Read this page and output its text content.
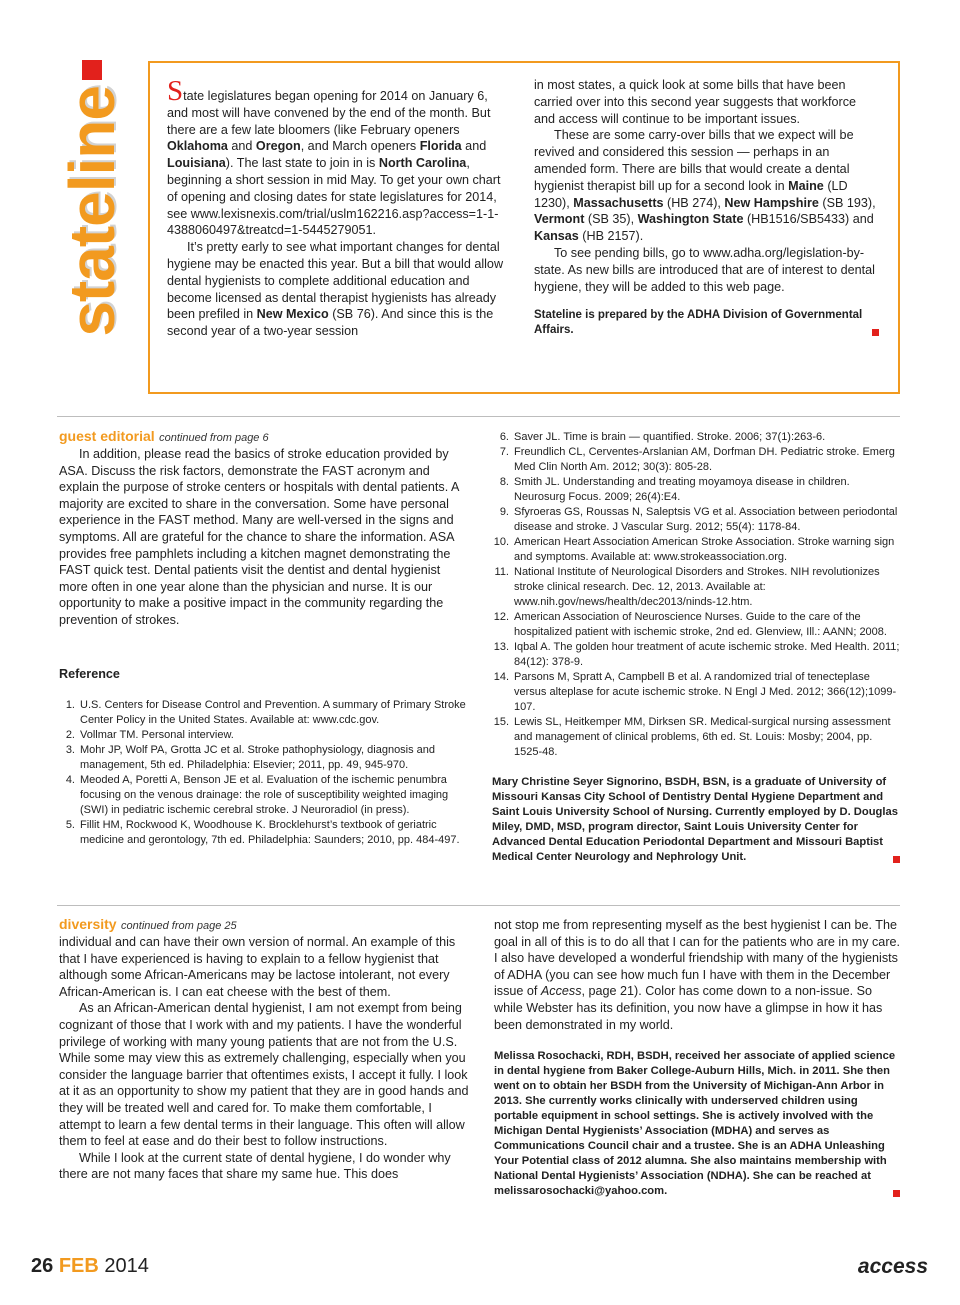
stateline State legislatures began opening for 2014 on January 6, and most will have convened by the end of the month. But there are a few late bloomers (like February openers Oklahoma and Oregon, and March openers Florida and Louisiana). The last state to join in is North Carolina, beginning a short session in mid May. To get your own chart of opening and closing dates for state legislatures for 2014, see www.lexisnexis.com/trial/uslm162216.asp?access=1-1-4388060497&treatcd=1-5445279051.

It’s pretty early to see what important changes for dental hygiene may be enacted this year. But a bill that would allow dental hygienists to complete additional education and become licensed as dental therapist hygienists has already been prefiled in New Mexico (SB 76). And since this is the second year of a two-year session

in most states, a quick look at some bills that have been carried over into this second year suggests that workforce and access will continue to be important issues.

These are some carry-over bills that we expect will be revived and considered this session — perhaps in an amended form. There are bills that would create a dental hygienist therapist bill up for a second look in Maine (LD 1230), Massachusetts (HB 274), New Hampshire (SB 193), Vermont (SB 35), Washington State (HB1516/SB5433) and Kansas (HB 2157).

To see pending bills, go to www.adha.org/legislation-by-state. As new bills are introduced that are of interest to dental hygiene, they will be added to this web page.

Stateline is prepared by the ADHA Division of Governmental Affairs.

guest editorial continued from page 6

In addition, please read the basics of stroke education provided by ASA. Discuss the risk factors, demonstrate the FAST acronym and explain the purpose of stroke centers or hospitals with dental patients. A majority are excited to share in the conversation. Some have personal experience in the FAST method. Many are well-versed in the signs and symptoms. All are grateful for the chance to share the information. ASA provides free pamphlets including a kitchen magnet demonstrating the FAST quick test. Dental patients visit the dentist and dental hygienist more often in one year alone than the physician and nurse. It is our opportunity to make a positive impact in the community regarding the prevention of strokes.

Reference
1. U.S. Centers for Disease Control and Prevention. A summary of Primary Stroke Center Policy in the United States. Available at: www.cdc.gov.
2. Vollmar TM. Personal interview.
3. Mohr JP, Wolf PA, Grotta JC et al. Stroke pathophysiology, diagnosis and management, 5th ed. Philadelphia: Elsevier; 2011, pp. 49, 945-970.
4. Meoded A, Poretti A, Benson JE et al. Evaluation of the ischemic penumbra focusing on the venous drainage: the role of susceptibility weighted imaging (SWI) in pediatric ischemic cerebral stroke. J Neuroradiol (in press).
5. Fillit HM, Rockwood K, Woodhouse K. Brocklehurst’s textbook of geriatric medicine and gerontology, 7th ed. Philadelphia: Saunders; 2010, pp. 484-497.
6. Saver JL. Time is brain — quantified. Stroke. 2006; 37(1):263-6.
7. Freundlich CL, Cerventes-Arslanian AM, Dorfman DH. Pediatric stroke. Emerg Med Clin North Am. 2012; 30(3): 805-28.
8. Smith JL. Understanding and treating moyamoya disease in children. Neurosurg Focus. 2009; 26(4):E4.
9. Sfyroeras GS, Roussas N, Saleptsis VG et al. Association between periodontal disease and stroke. J Vascular Surg. 2012; 55(4): 1178-84.
10. American Heart Association American Stroke Association. Stroke warning sign and symptoms. Available at: www.strokeassociation.org.
11. National Institute of Neurological Disorders and Strokes. NIH revolutionizes stroke clinical research. Dec. 12, 2013. Available at: www.nih.gov/news/health/dec2013/ninds-12.htm.
12. American Association of Neuroscience Nurses. Guide to the care of the hospitalized patient with ischemic stroke, 2nd ed. Glenview, Ill.: AANN; 2008.
13. Iqbal A. The golden hour treatment of acute ischemic stroke. Med Health. 2011; 84(12): 378-9.
14. Parsons M, Spratt A, Campbell B et al. A randomized trial of tenecteplase versus alteplase for acute ischemic stroke. N Engl J Med. 2012; 366(12);1099-107.
15. Lewis SL, Heitkemper MM, Dirksen SR. Medical-surgical nursing assessment and management of clinical problems, 6th ed. St. Louis: Mosby; 2004, pp. 1525-48.

Mary Christine Seyer Signorino, BSDH, BSN, is a graduate of University of Missouri Kansas City School of Dentistry Dental Hygiene Department and Saint Louis University School of Nursing. Currently employed by D. Douglas Miley, DMD, MSD, program director, Saint Louis University Center for Advanced Dental Education Periodontal Department and Missouri Baptist Medical Center Neurology and Nephrology Unit.

diversity continued from page 25

individual and can have their own version of normal. An example of this that I have experienced is having to explain to a fellow hygienist that although some African-Americans may be lactose intolerant, not every African-American is. I can eat cheese with the best of them.

As an African-American dental hygienist, I am not exempt from being cognizant of those that I work with and my patients. I have the wonderful privilege of working with many young patients that are not from the U.S. While some may view this as extremely challenging, especially when you consider the language barrier that oftentimes exists, I accept it fully. I look at it as an opportunity to show my patient that they are in good hands and they will be treated well and cared for. To make them comfortable, I attempt to learn a few dental terms in their language. This often will allow them to feel at ease and do their best to follow instructions.

While I look at the current state of dental hygiene, I do wonder why there are not many faces that share my same hue. This does

not stop me from representing myself as the best hygienist I can be. The goal in all of this is to do all that I can for the patients who are in my care. I also have developed a wonderful friendship with many of the hygienists of ADHA (you can see how much fun I have with them in the December issue of Access, page 21). Color has come down to a non-issue. So while Webster has its definition, you now have a glimpse in how it has been demonstrated in my world.

Melissa Rosochacki, RDH, BSDH, received her associate of applied science in dental hygiene from Baker College-Auburn Hills, Mich. in 2011. She then went on to obtain her BSDH from the University of Michigan-Ann Arbor in 2013. She currently works clinically with underserved children using portable equipment in school settings. She is actively involved with the Michigan Dental Hygienists’ Association (MDHA) and serves as Communications Council chair and a trustee. She is an ADHA Unleashing Your Potential class of 2012 alumna. She also maintains membership with National Dental Hygienists’ Association (NDHA). She can be reached at melissarosochacki@yahoo.com.

26 FEB 2014	access
